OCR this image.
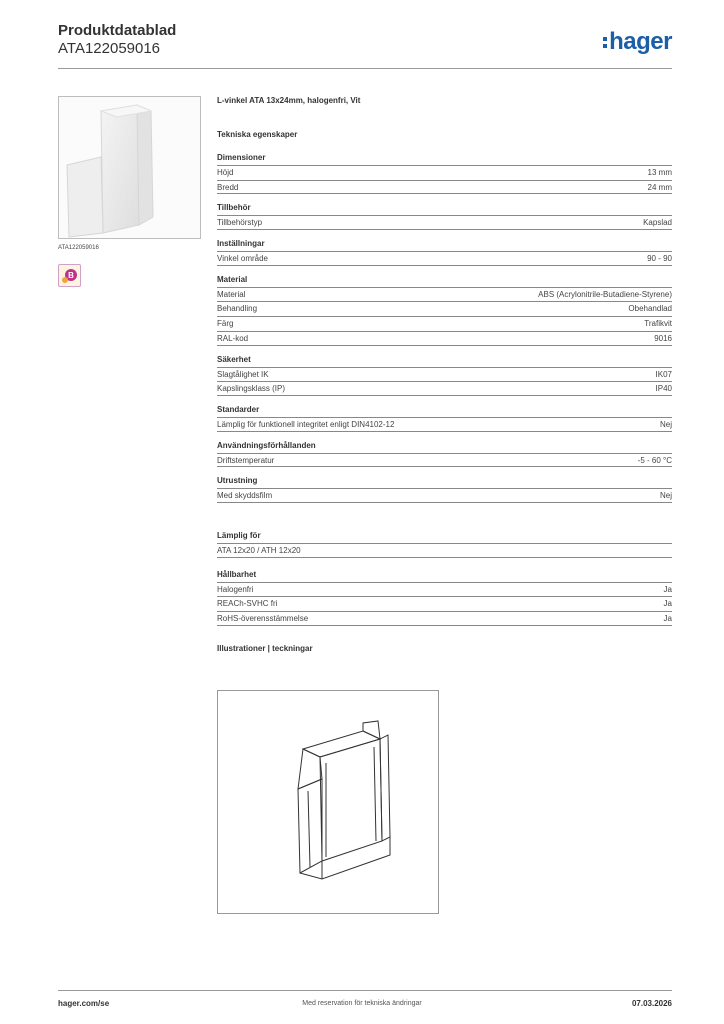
Produktdatablad
ATA122059016	hager
ATA122059016
B
L-vinkel ATA 13x24mm, halogenfri, Vit
Tekniska egenskaper
Dimensioner
Höjd	13 mm
Bredd	24 mm
Tillbehör
Tillbehörstyp	Kapslad
Inställningar
Vinkel område	90 - 90
Material
Material	ABS (Acrylonitrile-Butadiene-Styrene)
Behandling	Obehandlad
Färg	Trafikvit
RAL-kod	9016
Säkerhet
Slagtålighet IK	IK07
Kapslingsklass (IP)	IP40
Standarder
Lämplig för funktionell integritet enligt DIN4102-12	Nej
Användningsförhållanden
Driftstemperatur	-5 - 60 °C
Utrustning
Med skyddsfilm	Nej
Lämplig för
ATA 12x20 / ATH 12x20
Hållbarhet
Halogenfri	Ja
REACh-SVHC fri	Ja
RoHS-överensstämmelse	Ja
Illustrationer | teckningar
hager.com/se	Med reservation för tekniska ändringar	07.03.2026
